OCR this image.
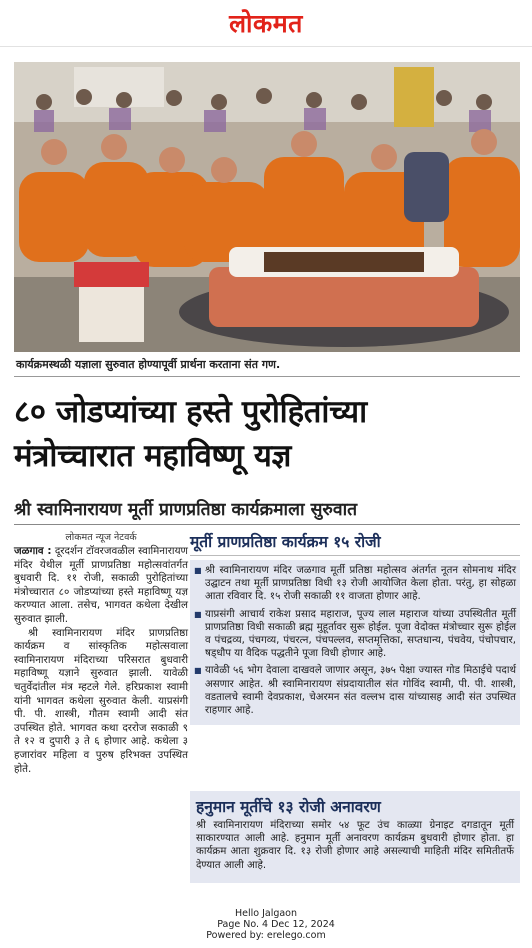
लोकमत
कार्यक्रमस्थळी यज्ञाला सुरुवात होण्यापूर्वी प्रार्थना करताना संत गण.
८० जोडप्यांच्या हस्ते पुरोहितांच्या
मंत्रोच्चारात महाविष्णू यज्ञ
श्री स्वामिनारायण मूर्ती प्राणप्रतिष्ठा कार्यक्रमाला सुरुवात
लोकमत न्यूज नेटवर्क
जळगाव : दूरदर्शन टॉवरजवळील स्वामिनारायण मंदिर येथील मूर्ती प्राणप्रतिष्ठा महोत्सवांतर्गत बुधवारी दि. ११ रोजी, सकाळी पुरोहितांच्या मंत्रोच्चारात ८० जोडप्यांच्या हस्ते महाविष्णू यज्ञ करण्यात आला. तसेच, भागवत कथेला देखील सुरुवात झाली.
श्री स्वामिनारायण मंदिर प्राणप्रतिष्ठा कार्यक्रम व सांस्कृतिक महोत्सवाला स्वामिनारायण मंदिराच्या परिसरात बुधवारी महाविष्णू यज्ञाने सुरुवात झाली. यावेळी चतुर्वेदांतील मंत्र म्हटले गेले. हरिप्रकाश स्वामी यांनी भागवत कथेला सुरुवात केली. याप्रसंगी पी. पी. शास्त्री, गौतम स्वामी आदी संत उपस्थित होते. भागवत कथा दररोज सकाळी ९ ते १२ व दुपारी ३ ते ६ होणार आहे. कथेला ३ हजारांवर महिला व पुरुष हरिभक्त उपस्थित होते.
मूर्ती प्राणप्रतिष्ठा कार्यक्रम १५ रोजी
■ श्री स्वामिनारायण मंदिर जळगाव मूर्ती प्रतिष्ठा महोत्सव अंतर्गत नूतन सोमनाथ मंदिर उद्घाटन तथा मूर्ती प्राणप्रतिष्ठा विधी १३ रोजी आयोजित केला होता. परंतु, हा सोहळा आता रविवार दि. १५ रोजी सकाळी ११ वाजता होणार आहे.
■ याप्रसंगी आचार्य राकेश प्रसाद महाराज, पूज्य लाल महाराज यांच्या उपस्थितीत मूर्ती प्राणप्रतिष्ठा विधी सकाळी ब्रह्म मुहूर्तावर सुरू होईल. पूजा वेदोक्त मंत्रोच्चार सुरू होईल व पंचद्रव्य, पंचगव्य, पंचरत्न, पंचपल्लव, सप्तमृत्तिका, सप्तधान्य, पंचवेय, पंचोपचार, षड्धौप या वैदिक पद्धतीने पूजा विधी होणार आहे.
■ यावेळी ५६ भोग देवाला दाखवले जाणार असून, ३७५ पेक्षा ज्यास्त गोड मिठाईचे पदार्थ असणार आहेत. श्री स्वामिनारायण संप्रदायातील संत गोविंद स्वामी, पी. पी. शास्त्री, वडतालचे स्वामी देवप्रकाश, चेअरमन संत वल्लभ दास यांच्यासह आदी संत उपस्थित राहणार आहे.
हनुमान मूर्तीचे १३ रोजी अनावरण
श्री स्वामिनारायण मंदिराच्या समोर ५४ फूट उंच काळ्या ग्रेनाइट दगडातून मूर्ती साकारण्यात आली आहे. हनुमान मूर्ती अनावरण कार्यक्रम बुधवारी होणार होता. हा कार्यक्रम आता शुक्रवार दि. १३ रोजी होणार आहे असल्याची माहिती मंदिर समितीतर्फे देण्यात आली आहे.
Hello Jalgaon
Page No. 4 Dec 12, 2024
Powered by: erelego.com
